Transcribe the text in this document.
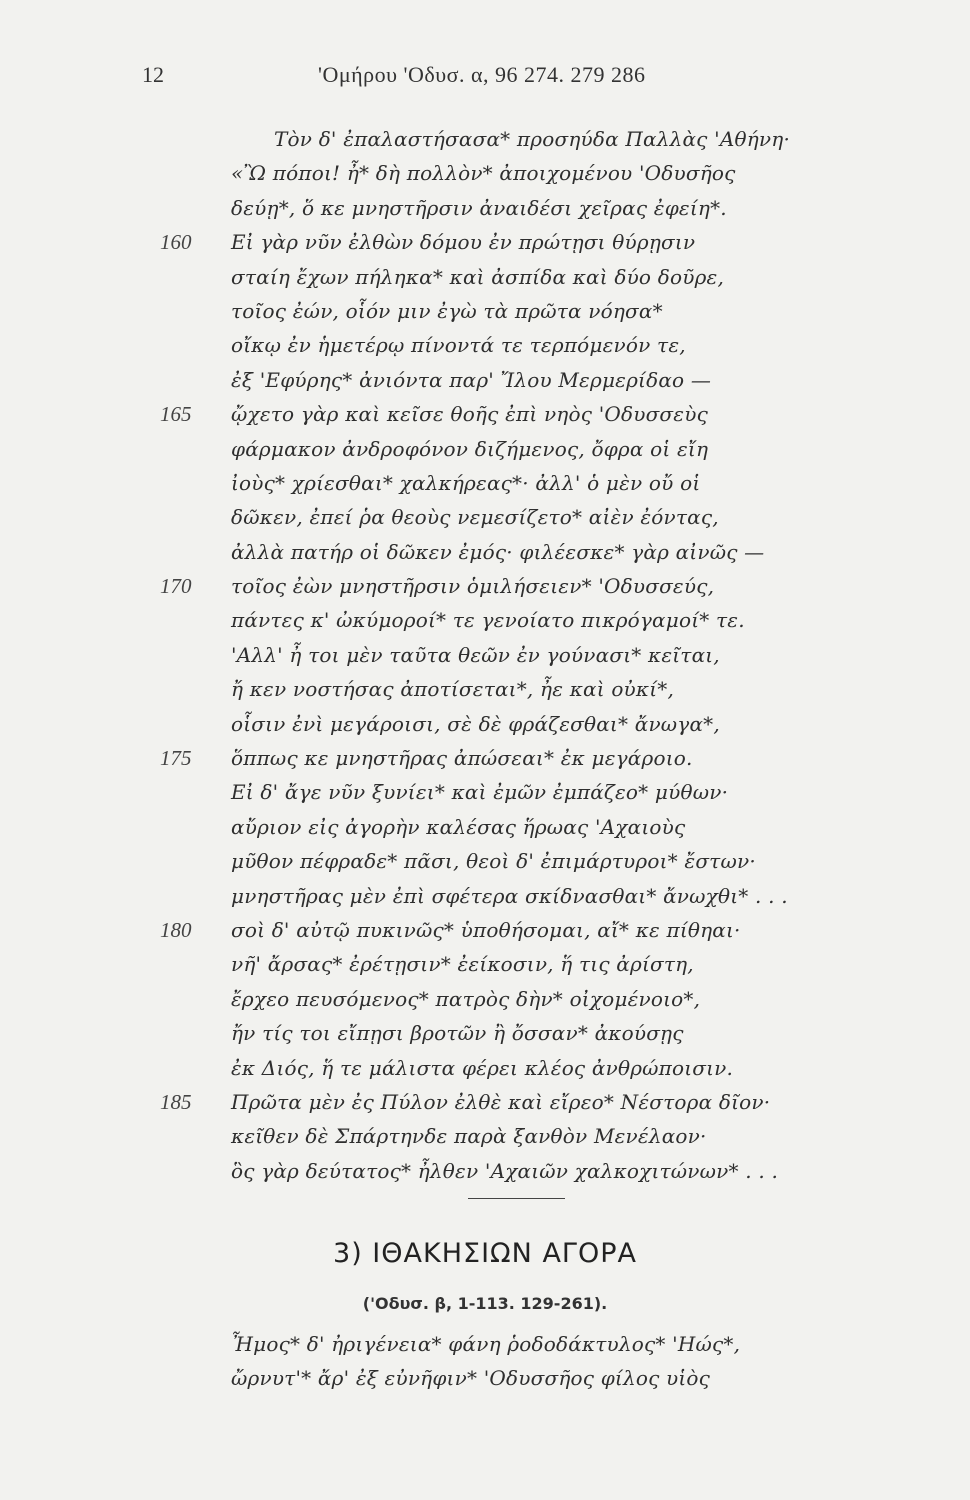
12	'Ομήρου 'Οδυσ. α, 96 274. 279 286
Τὸν δ' ἐπαλαστήσασα* προσηύδα Παλλὰς 'Αθήνη·
«Ὢ πόποι! ἦ* δὴ πολλὸν* ἀποιχομένου 'Οδυσῆος
δεύῃ*, ὅ κε μνηστῆρσιν ἀναιδέσι χεῖρας ἐφείη*.
160 Εἰ γὰρ νῦν ἐλθὼν δόμου ἐν πρώτῃσι θύρῃσιν
σταίη ἔχων πήληκα* καὶ ἀσπίδα καὶ δύο δοῦρε,
τοῖος ἐών, οἷόν μιν ἐγὼ τὰ πρῶτα νόησα*
οἴκῳ ἐν ἡμετέρῳ πίνοντά τε τερπόμενόν τε,
ἐξ 'Εφύρης* ἀνιόντα παρ' Ἴλου Μερμερίδαο —
165 ᾤχετο γὰρ καὶ κεῖσε θοῆς ἐπὶ νηὸς 'Οδυσσεὺς
φάρμακον ἀνδροφόνον διζήμενος, ὄφρα οἱ εἴη
ἰοὺς* χρίεσθαι* χαλκήρεας*· ἀλλ' ὁ μὲν οὔ οἱ
δῶκεν, ἐπεί ῥα θεοὺς νεμεσίζετο* αἰὲν ἐόντας,
ἀλλὰ πατήρ οἱ δῶκεν ἐμός· φιλέεσκε* γὰρ αἰνῶς —
170 τοῖος ἐὼν μνηστῆρσιν ὁμιλήσειεν* 'Οδυσσεύς,
πάντες κ' ὠκύμοροί* τε γενοίατο πικρόγαμοί* τε.
'Αλλ' ἦ τοι μὲν ταῦτα θεῶν ἐν γούνασι* κεῖται,
ἤ κεν νοστήσας ἀποτίσεται*, ἦε καὶ οὐκί*,
οἷσιν ἐνὶ μεγάροισι, σὲ δὲ φράζεσθαι* ἄνωγα*,
175 ὅππως κε μνηστῆρας ἀπώσεαι* ἐκ μεγάροιο.
Εἰ δ' ἄγε νῦν ξυνίει* καὶ ἐμῶν ἐμπάζεο* μύθων·
αὔριον εἰς ἀγορὴν καλέσας ἥρωας 'Αχαιοὺς
μῦθον πέφραδε* πᾶσι, θεοὶ δ' ἐπιμάρτυροι* ἔστων·
μνηστῆρας μὲν ἐπὶ σφέτερα σκίδνασθαι* ἄνωχθι* . . .
180 σοὶ δ' αὐτῷ πυκινῶς* ὑποθήσομαι, αἴ* κε πίθηαι·
νῆ' ἄρσας* ἐρέτῃσιν* ἐείκοσιν, ἥ τις ἀρίστη,
ἔρχεο πευσόμενος* πατρὸς δὴν* οἰχομένοιο*,
ἤν τίς τοι εἴπῃσι βροτῶν ἢ ὄσσαν* ἀκούσῃς
ἐκ Διός, ἥ τε μάλιστα φέρει κλέος ἀνθρώποισιν.
185 Πρῶτα μὲν ἐς Πύλον ἐλθὲ καὶ εἴρεο* Νέστορα δῖον·
κεῖθεν δὲ Σπάρτηνδε παρὰ ξανθὸν Μενέλαον·
ὃς γὰρ δεύτατος* ἦλθεν 'Αχαιῶν χαλκοχιτώνων* . . .
3) ΙΘΑΚΗΣΙΩΝ ΑΓΟΡΑ
('Οδυσ. β, 1-113. 129-261).
Ἦμος* δ' ἠριγένεια* φάνη ῥοδοδάκτυλος* 'Ηώς*,
ὤρνυτ'* ἄρ' ἐξ εὐνῆφιν* 'Οδυσσῆος φίλος υἱὸς
